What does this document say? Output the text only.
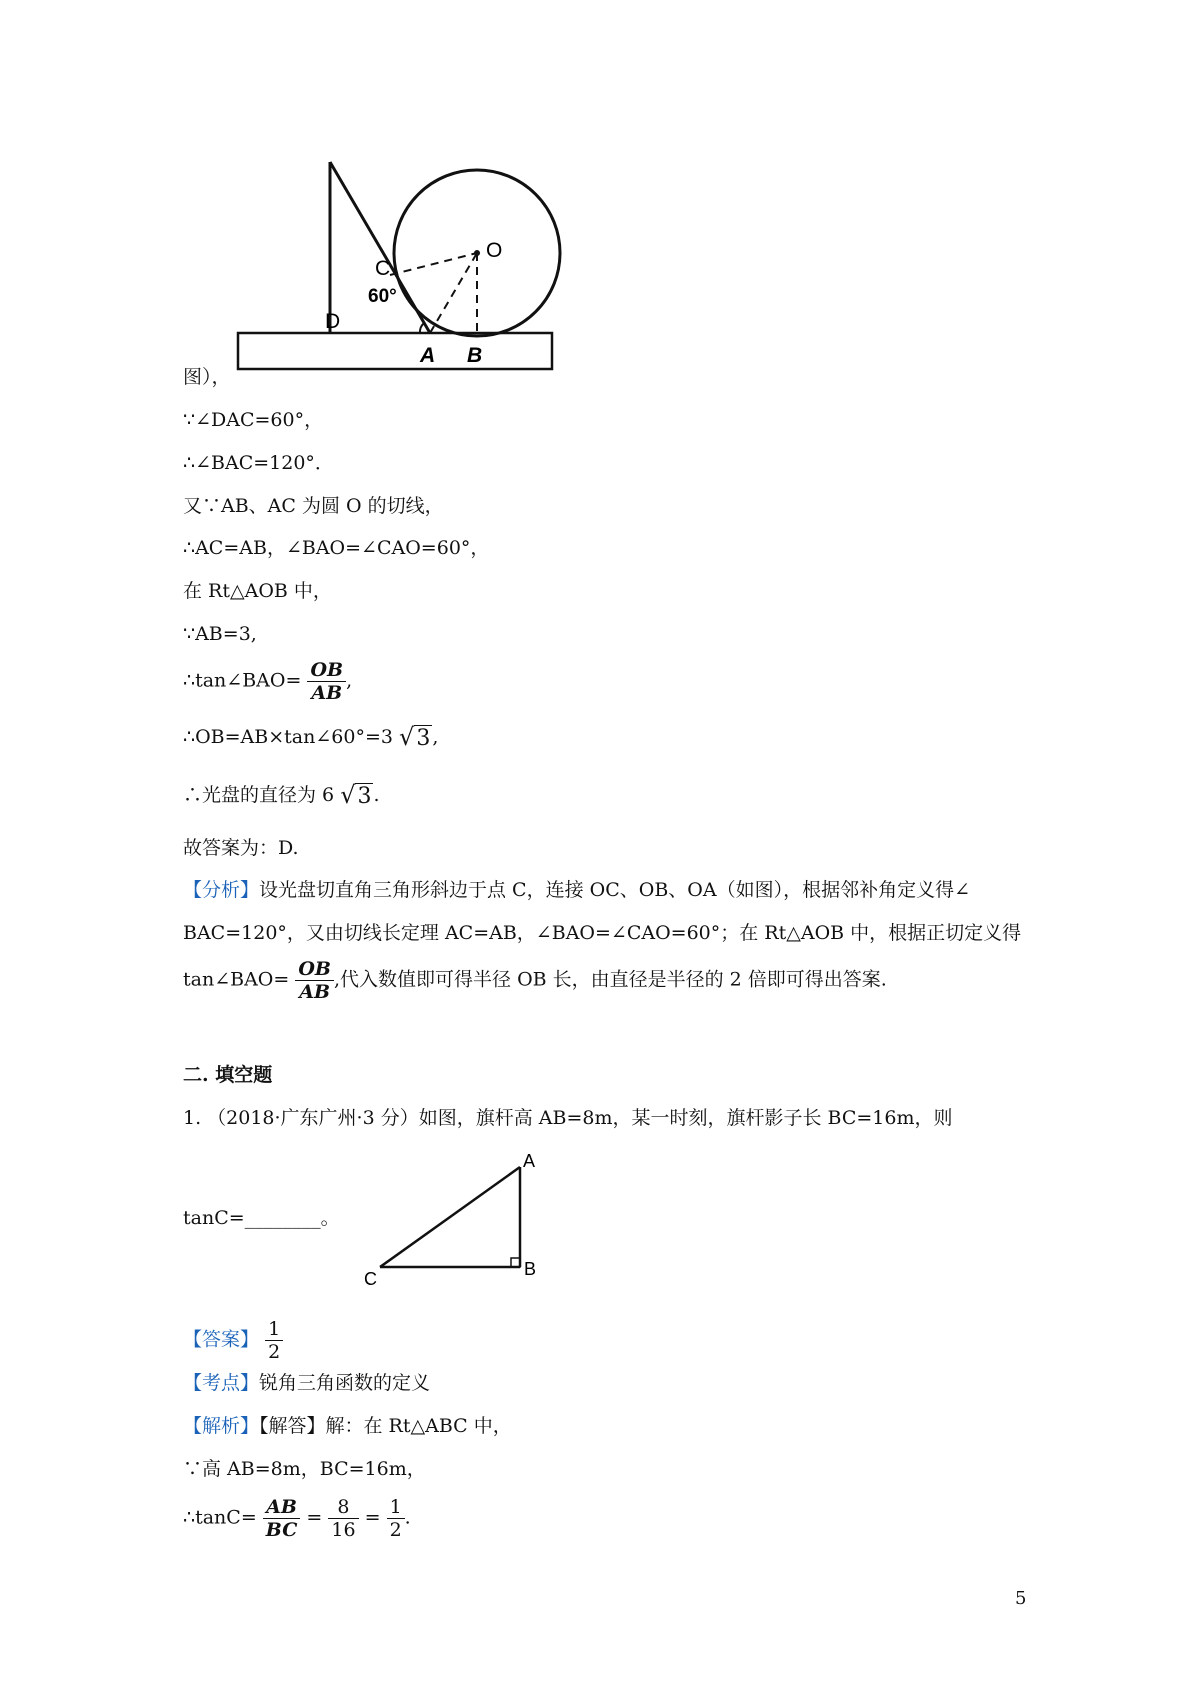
O
C
60°
D
A B
图），
∵∠DAC=60°，
∴∠BAC=120°．
又∵AB、AC 为圆 O 的切线，
∴AC=AB，∠BAO=∠CAO=60°，
在 Rt△AOB 中，
∵AB=3,
∴tan∠BAO= $\frac{OB}{AB}$ ,
∴OB=AB×tan∠60°=3 √3 ,
∴光盘的直径为 6 √3 .
故答案为：D.
【分析】设光盘切直角三角形斜边于点 C，连接 OC、OB、OA（如图），根据邻补角定义得∠
BAC=120°，又由切线长定理 AC=AB，∠BAO=∠CAO=60°；在 Rt△AOB 中，根据正切定义得
tan∠BAO= $\frac{OB}{AB}$ ,代入数值即可得半径 OB 长，由直径是半径的 2 倍即可得出答案.
二. 填空题
1. （2018·广东广州·3 分）如图，旗杆高 AB=8m，某一时刻，旗杆影子长 BC=16m，则
tanC=________。
A
B
C
【答案】 $\frac{1}{2}$
【考点】锐角三角函数的定义
【解析】【解答】解：在 Rt△ABC 中，
∵高 AB=8m，BC=16m，
∴tanC= $\frac{AB}{BC} = \frac{8}{16} = \frac{1}{2}$ .
5
